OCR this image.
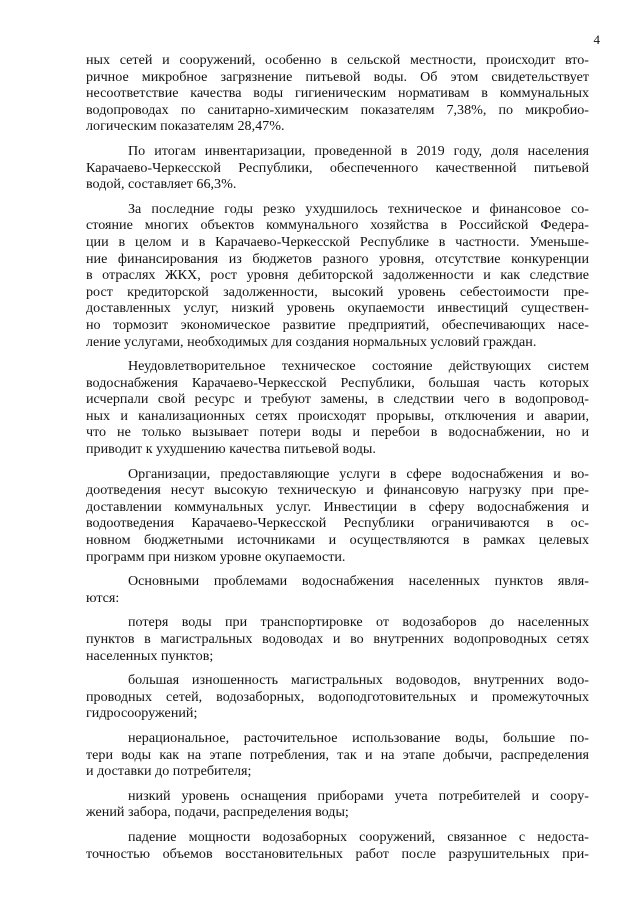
4
ных сетей и сооружений, особенно в сельской местности, происходит вто-
ричное микробное загрязнение питьевой воды. Об этом свидетельствует
несоответствие качества воды гигиеническим нормативам в коммунальных
водопроводах по санитарно-химическим показателям 7,38%, по микробио-
логическим показателям 28,47%.
По итогам инвентаризации, проведенной в 2019 году, доля населения
Карачаево-Черкесской Республики, обеспеченного качественной питьевой
водой, составляет 66,3%.
За последние годы резко ухудшилось техническое и финансовое со-
стояние многих объектов коммунального хозяйства в Российской Федера-
ции в целом и в Карачаево-Черкесской Республике в частности. Уменьше-
ние финансирования из бюджетов разного уровня, отсутствие конкуренции
в отраслях ЖКХ, рост уровня дебиторской задолженности и как следствие
рост кредиторской задолженности, высокий уровень себестоимости пре-
доставленных услуг, низкий уровень окупаемости инвестиций существен-
но тормозит экономическое развитие предприятий, обеспечивающих насе-
ление услугами, необходимых для создания нормальных условий граждан.
Неудовлетворительное техническое состояние действующих систем
водоснабжения Карачаево-Черкесской Республики, большая часть которых
исчерпали свой ресурс и требуют замены, в следствии чего в водопровод-
ных и канализационных сетях происходят прорывы, отключения и аварии,
что не только вызывает потери воды и перебои в водоснабжении, но и
приводит к ухудшению качества питьевой воды.
Организации, предоставляющие услуги в сфере водоснабжения и во-
доотведения несут высокую техническую и финансовую нагрузку при пре-
доставлении коммунальных услуг. Инвестиции в сферу водоснабжения и
водоотведения Карачаево-Черкесской Республики ограничиваются в ос-
новном бюджетными источниками и осуществляются в рамках целевых
программ при низком уровне окупаемости.
Основными проблемами водоснабжения населенных пунктов явля-
ются:
потеря воды при транспортировке от водозаборов до населенных
пунктов в магистральных водоводах и во внутренних водопроводных сетях
населенных пунктов;
большая изношенность магистральных водоводов, внутренних водо-
проводных сетей, водозаборных, водоподготовительных и промежуточных
гидросооружений;
нерациональное, расточительное использование воды, большие по-
тери воды как на этапе потребления, так и на этапе добычи, распределения
и доставки до потребителя;
низкий уровень оснащения приборами учета потребителей и соору-
жений забора, подачи, распределения воды;
падение мощности водозаборных сооружений, связанное с недоста-
точностью объемов восстановительных работ после разрушительных при-
